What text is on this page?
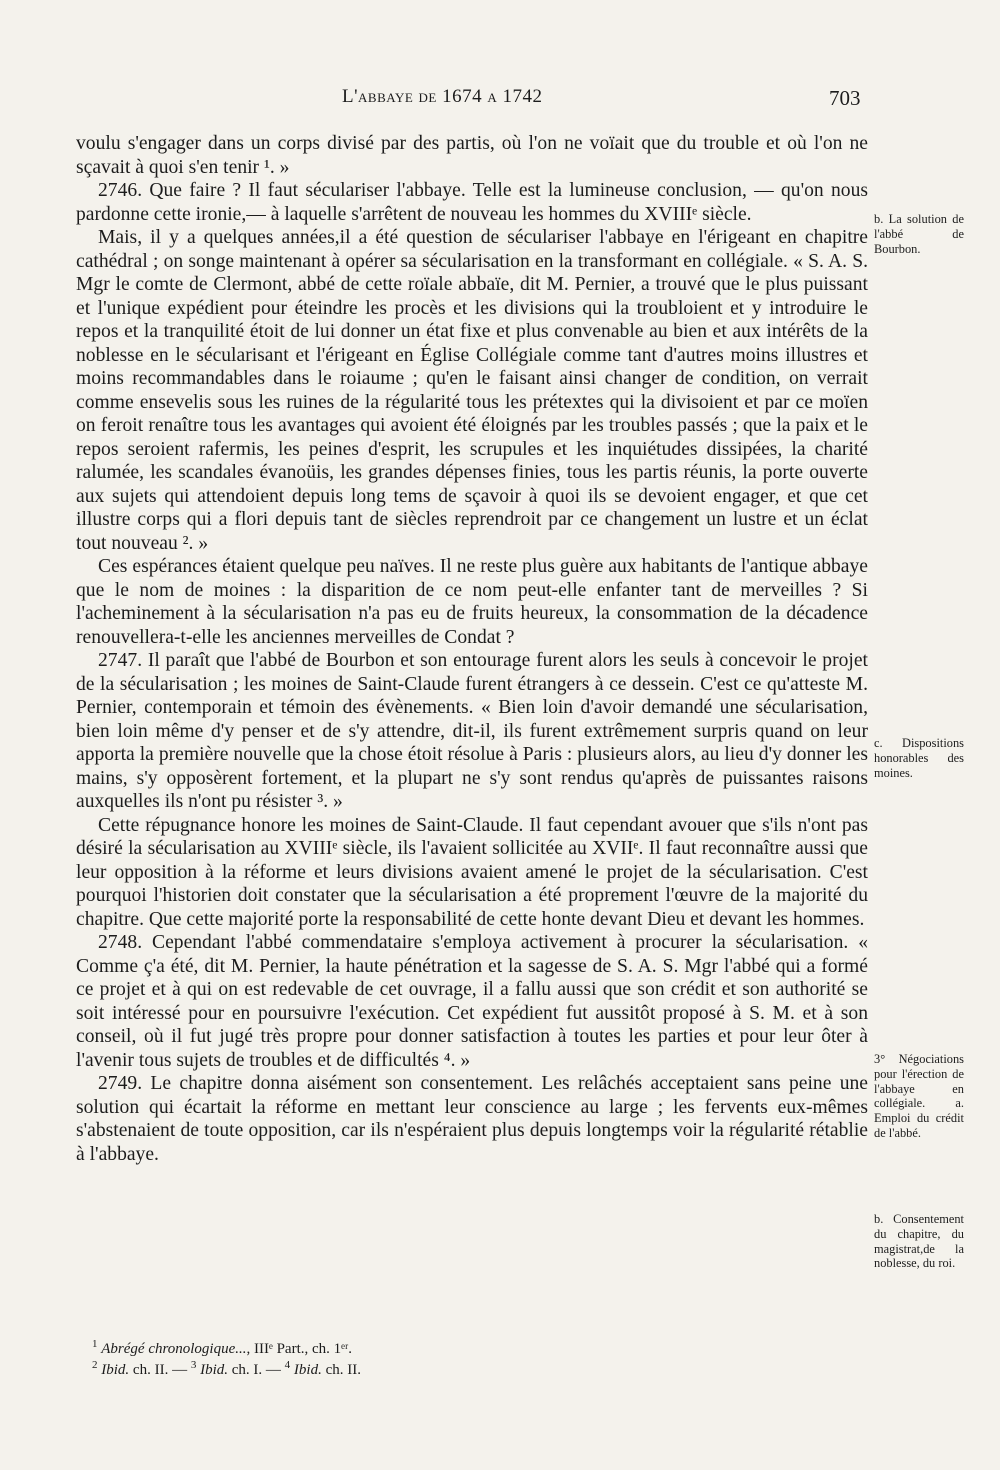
L'abbaye de 1674 a 1742	703

voulu s'engager dans un corps divisé par des partis, où l'on ne voïait que du trouble et où l'on ne sçavait à quoi s'en tenir ¹. »

2746. Que faire ? Il faut séculariser l'abbaye. Telle est la lumineuse conclusion, — qu'on nous pardonne cette ironie,— à laquelle s'arrêtent de nouveau les hommes du XVIIIᵉ siècle.

Mais, il y a quelques années,il a été question de séculariser l'abbaye en l'érigeant en chapitre cathédral ; on songe maintenant à opérer sa sécularisation en la transformant en collégiale. « S. A. S. Mgr le comte de Clermont, abbé de cette roïale abbaïe, dit M. Pernier, a trouvé que le plus puissant et l'unique expédient pour éteindre les procès et les divisions qui la troubloient et y introduire le repos et la tranquilité étoit de lui donner un état fixe et plus convenable au bien et aux intérêts de la noblesse en le sécularisant et l'érigeant en Église Collégiale comme tant d'autres moins illustres et moins recommandables dans le roiaume ; qu'en le faisant ainsi changer de condition, on verrait comme ensevelis sous les ruines de la régularité tous les prétextes qui la divisoient et par ce moïen on feroit renaître tous les avantages qui avoient été éloignés par les troubles passés ; que la paix et le repos seroient rafermis, les peines d'esprit, les scrupules et les inquiétudes dissipées, la charité ralumée, les scandales évanoüis, les grandes dépenses finies, tous les partis réunis, la porte ouverte aux sujets qui attendoient depuis long tems de sçavoir à quoi ils se devoient engager, et que cet illustre corps qui a flori depuis tant de siècles reprendroit par ce changement un lustre et un éclat tout nouveau ². »

Ces espérances étaient quelque peu naïves. Il ne reste plus guère aux habitants de l'antique abbaye que le nom de moines : la disparition de ce nom peut-elle enfanter tant de merveilles ? Si l'acheminement à la sécularisation n'a pas eu de fruits heureux, la consommation de la décadence renouvellera-t-elle les anciennes merveilles de Condat ?

2747. Il paraît que l'abbé de Bourbon et son entourage furent alors les seuls à concevoir le projet de la sécularisation ; les moines de Saint-Claude furent étrangers à ce dessein. C'est ce qu'atteste M. Pernier, contemporain et témoin des évènements. « Bien loin d'avoir demandé une sécularisation, bien loin même d'y penser et de s'y attendre, dit-il, ils furent extrêmement surpris quand on leur apporta la première nouvelle que la chose étoit résolue à Paris : plusieurs alors, au lieu d'y donner les mains, s'y opposèrent fortement, et la plupart ne s'y sont rendus qu'après de puissantes raisons auxquelles ils n'ont pu résister ³. »

Cette répugnance honore les moines de Saint-Claude. Il faut cependant avouer que s'ils n'ont pas désiré la sécularisation au XVIIIᵉ siècle, ils l'avaient sollicitée au XVIIᵉ. Il faut reconnaître aussi que leur opposition à la réforme et leurs divisions avaient amené le projet de la sécularisation. C'est pourquoi l'historien doit constater que la sécularisation a été proprement l'œuvre de la majorité du chapitre. Que cette majorité porte la responsabilité de cette honte devant Dieu et devant les hommes.

2748. Cependant l'abbé commendataire s'employa activement à procurer la sécularisation. « Comme ç'a été, dit M. Pernier, la haute pénétration et la sagesse de S. A. S. Mgr l'abbé qui a formé ce projet et à qui on est redevable de cet ouvrage, il a fallu aussi que son crédit et son authorité se soit intéressé pour en poursuivre l'exécution. Cet expédient fut aussitôt proposé à S. M. et à son conseil, où il fut jugé très propre pour donner satisfaction à toutes les parties et pour leur ôter à l'avenir tous sujets de troubles et de difficultés ⁴. »

2749. Le chapitre donna aisément son consentement. Les relâchés acceptaient sans peine une solution qui écartait la réforme en mettant leur conscience au large ; les fervents eux-mêmes s'abstenaient de toute opposition, car ils n'espéraient plus depuis longtemps voir la régularité rétablie à l'abbaye.

b. La solution de l'abbé de Bourbon.
c. Dispositions honorables des moines.
3° Négociations pour l'érection de l'abbaye en collégiale. a. Emploi du crédit de l'abbé.
b. Consentement du chapitre, du magistrat,de la noblesse, du roi.
$^1$ Abrégé chronologique..., IIIᵉ Part., ch. 1ᵉʳ.
$^2$ Ibid. ch. II. — $^3$ Ibid. ch. I. — $^4$ Ibid. ch. II.
